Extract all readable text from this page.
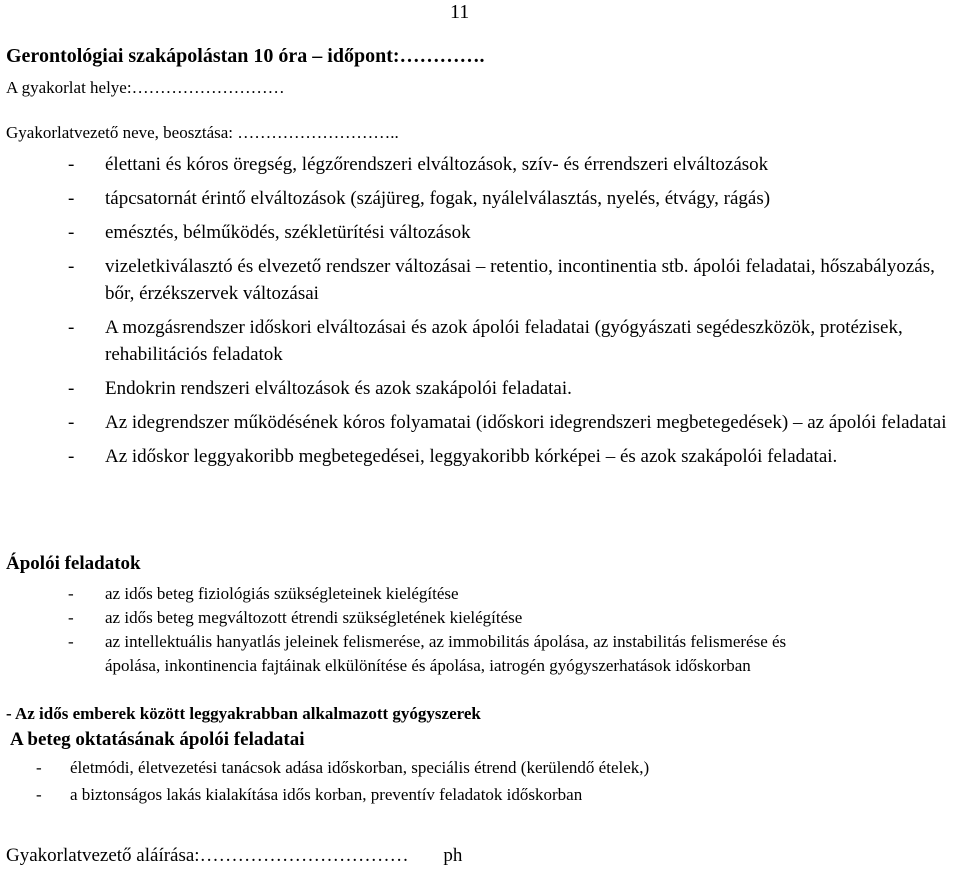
11
Gerontológiai szakápolástan 10 óra – időpont:………….
A gyakorlat helye:………………………
Gyakorlatvezető neve, beosztása: ………………………..
- élettani és kóros öregség, légzőrendszeri elváltozások, szív- és érrendszeri elváltozások
- tápcsatornát érintő elváltozások (szájüreg, fogak, nyálelválasztás, nyelés, étvágy, rágás)
- emésztés, bélműködés, székletürítési változások
- vizeletkiválasztó és elvezető rendszer változásai – retentio, incontinentia stb. ápolói feladatai, hőszabályozás, bőr, érzékszervek változásai
- A mozgásrendszer időskori elváltozásai és azok ápolói feladatai (gyógyászati segédeszközök, protézisek, rehabilitációs feladatok
- Endokrin rendszeri elváltozások és azok szakápolói feladatai.
- Az idegrendszer működésének kóros folyamatai (időskori idegrendszeri megbetegedések) – az ápolói feladatai
- Az időskor leggyakoribb megbetegedései, leggyakoribb kórképei – és azok szakápolói feladatai.
Ápolói feladatok
- az idős beteg fiziológiás szükségleteinek kielégítése
- az idős beteg megváltozott étrendi szükségletének kielégítése
- az intellektuális hanyatlás jeleinek felismerése, az immobilitás ápolása, az instabilitás felismerése és ápolása, inkontinencia fajtáinak elkülönítése és ápolása, iatrogén gyógyszerhatások időskorban
- Az idős emberek között leggyakrabban alkalmazott gyógyszerek
A beteg oktatásának ápolói feladatai
- életmódi, életvezetési tanácsok adása időskorban, speciális étrend (kerülendő ételek,)
- a biztonságos lakás kialakítása idős korban, preventív feladatok időskorban
Gyakorlatvezető aláírása:…………………………… ph
